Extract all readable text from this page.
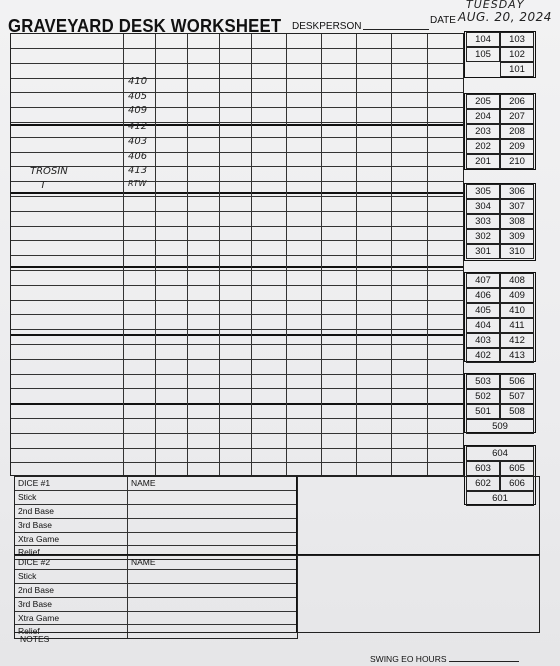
GRAVEYARD DESK WORKSHEET DESKPERSON
DATE
TUESDAY
AUG. 20, 2024
410
405
409
412
403
406
413
RTW
TROSIN
T
104	103
105	102
101
205	206
204	207
203	208
202	209
201	210
305	306
304	307
303	308
302	309
301	310
407	408
406	409
405	410
404	411
403	412
402	413
503	506
502	507
501	508
509
604
603	605
602	606
601
DICE #1	NAME
Stick
2nd Base
3rd Base
Xtra Game
Relief
DICE #2	NAME
Stick
2nd Base
3rd Base
Xtra Game
Relief
NOTES
SWING EO HOURS
